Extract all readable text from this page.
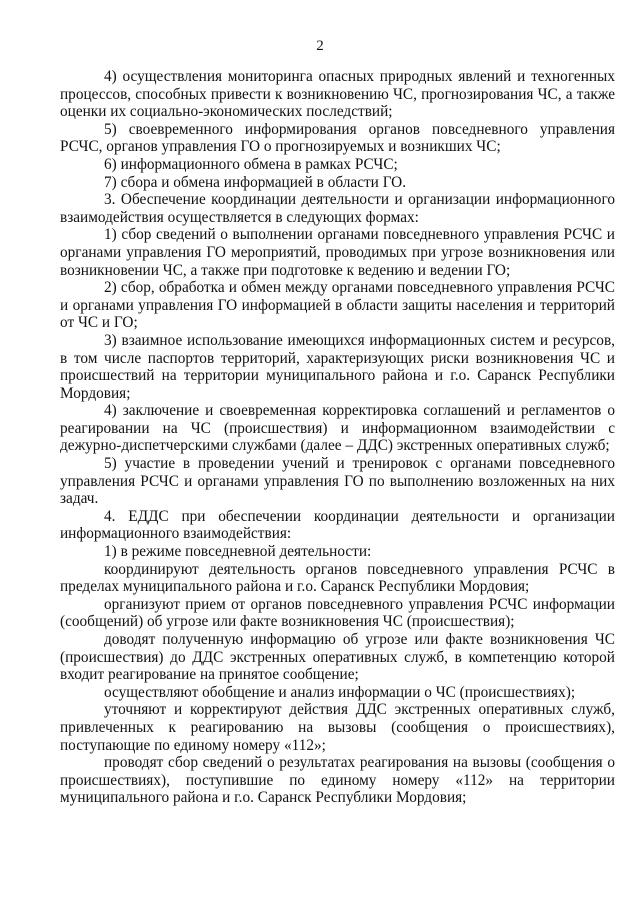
2

4) осуществления мониторинга опасных природных явлений и техногенных процессов, способных привести к возникновению ЧС, прогнозирования ЧС, а также оценки их социально-экономических последствий;

5) своевременного информирования органов повседневного управления РСЧС, органов управления ГО о прогнозируемых и возникших ЧС;

6) информационного обмена в рамках РСЧС;

7) сбора и обмена информацией в области ГО.

3. Обеспечение координации деятельности и организации информационного взаимодействия осуществляется в следующих формах:

1) сбор сведений о выполнении органами повседневного управления РСЧС и органами управления ГО мероприятий, проводимых при угрозе возникновения или возникновении ЧС, а также при подготовке к ведению и ведении ГО;

2) сбор, обработка и обмен между органами повседневного управления РСЧС и органами управления ГО информацией в области защиты населения и территорий от ЧС и ГО;

3) взаимное использование имеющихся информационных систем и ресурсов, в том числе паспортов территорий, характеризующих риски возникновения ЧС и происшествий на территории муниципального района и г.о. Саранск Республики Мордовия;

4) заключение и своевременная корректировка соглашений и регламентов о реагировании на ЧС (происшествия) и информационном взаимодействии с дежурно-диспетчерскими службами (далее – ДДС) экстренных оперативных служб;

5) участие в проведении учений и тренировок с органами повседневного управления РСЧС и органами управления ГО по выполнению возложенных на них задач.

4. ЕДДС при обеспечении координации деятельности и организации информационного взаимодействия:

1) в режиме повседневной деятельности:

координируют деятельность органов повседневного управления РСЧС в пределах муниципального района и г.о. Саранск Республики Мордовия;

организуют прием от органов повседневного управления РСЧС информации (сообщений) об угрозе или факте возникновения ЧС (происшествия);

доводят полученную информацию об угрозе или факте возникновения ЧС (происшествия) до ДДС экстренных оперативных служб, в компетенцию которой входит реагирование на принятое сообщение;

осуществляют обобщение и анализ информации о ЧС (происшествиях);

уточняют и корректируют действия ДДС экстренных оперативных служб, привлеченных к реагированию на вызовы (сообщения о происшествиях), поступающие по единому номеру «112»;

проводят сбор сведений о результатах реагирования на вызовы (сообщения о происшествиях), поступившие по единому номеру «112» на территории муниципального района и г.о. Саранск Республики Мордовия;
